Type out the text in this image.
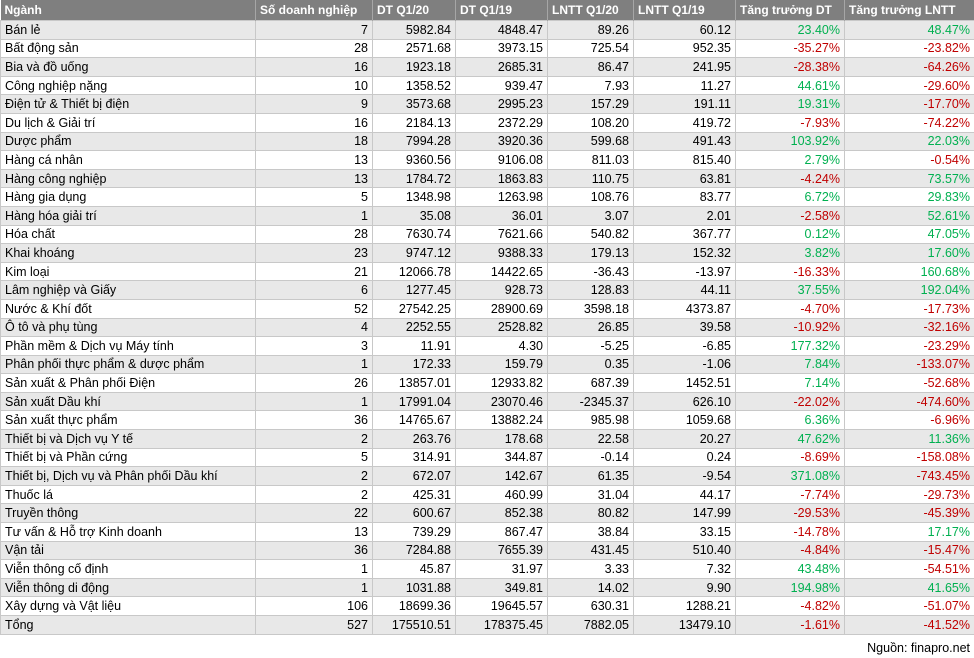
Ngành	Số doanh nghiệp	DT Q1/20	DT Q1/19	LNTT Q1/20	LNTT Q1/19	Tăng trưởng DT	Tăng trưởng LNTT
Bán lẻ	7	5982.84	4848.47	89.26	60.12	23.40%	48.47%
Bất động sản	28	2571.68	3973.15	725.54	952.35	-35.27%	-23.82%
Bia và đồ uống	16	1923.18	2685.31	86.47	241.95	-28.38%	-64.26%
Công nghiệp nặng	10	1358.52	939.47	7.93	11.27	44.61%	-29.60%
Điện tử & Thiết bị điện	9	3573.68	2995.23	157.29	191.11	19.31%	-17.70%
Du lịch & Giải trí	16	2184.13	2372.29	108.20	419.72	-7.93%	-74.22%
Dược phẩm	18	7994.28	3920.36	599.68	491.43	103.92%	22.03%
Hàng cá nhân	13	9360.56	9106.08	811.03	815.40	2.79%	-0.54%
Hàng công nghiệp	13	1784.72	1863.83	110.75	63.81	-4.24%	73.57%
Hàng gia dụng	5	1348.98	1263.98	108.76	83.77	6.72%	29.83%
Hàng hóa giải trí	1	35.08	36.01	3.07	2.01	-2.58%	52.61%
Hóa chất	28	7630.74	7621.66	540.82	367.77	0.12%	47.05%
Khai khoáng	23	9747.12	9388.33	179.13	152.32	3.82%	17.60%
Kim loại	21	12066.78	14422.65	-36.43	-13.97	-16.33%	160.68%
Lâm nghiệp và Giấy	6	1277.45	928.73	128.83	44.11	37.55%	192.04%
Nước & Khí đốt	52	27542.25	28900.69	3598.18	4373.87	-4.70%	-17.73%
Ô tô và phụ tùng	4	2252.55	2528.82	26.85	39.58	-10.92%	-32.16%
Phần mềm & Dịch vụ Máy tính	3	11.91	4.30	-5.25	-6.85	177.32%	-23.29%
Phân phối thực phẩm & dược phẩm	1	172.33	159.79	0.35	-1.06	7.84%	-133.07%
Sản xuất & Phân phối Điện	26	13857.01	12933.82	687.39	1452.51	7.14%	-52.68%
Sản xuất Dầu khí	1	17991.04	23070.46	-2345.37	626.10	-22.02%	-474.60%
Sản xuất thực phẩm	36	14765.67	13882.24	985.98	1059.68	6.36%	-6.96%
Thiết bị và Dịch vụ Y tế	2	263.76	178.68	22.58	20.27	47.62%	11.36%
Thiết bị và Phần cứng	5	314.91	344.87	-0.14	0.24	-8.69%	-158.08%
Thiết bị, Dịch vụ và Phân phối Dầu khí	2	672.07	142.67	61.35	-9.54	371.08%	-743.45%
Thuốc lá	2	425.31	460.99	31.04	44.17	-7.74%	-29.73%
Truyền thông	22	600.67	852.38	80.82	147.99	-29.53%	-45.39%
Tư vấn & Hỗ trợ Kinh doanh	13	739.29	867.47	38.84	33.15	-14.78%	17.17%
Vận tải	36	7284.88	7655.39	431.45	510.40	-4.84%	-15.47%
Viễn thông cố định	1	45.87	31.97	3.33	7.32	43.48%	-54.51%
Viễn thông di động	1	1031.88	349.81	14.02	9.90	194.98%	41.65%
Xây dựng và Vật liệu	106	18699.36	19645.57	630.31	1288.21	-4.82%	-51.07%
Tổng	527	175510.51	178375.45	7882.05	13479.10	-1.61%	-41.52%
Nguồn: finapro.net
